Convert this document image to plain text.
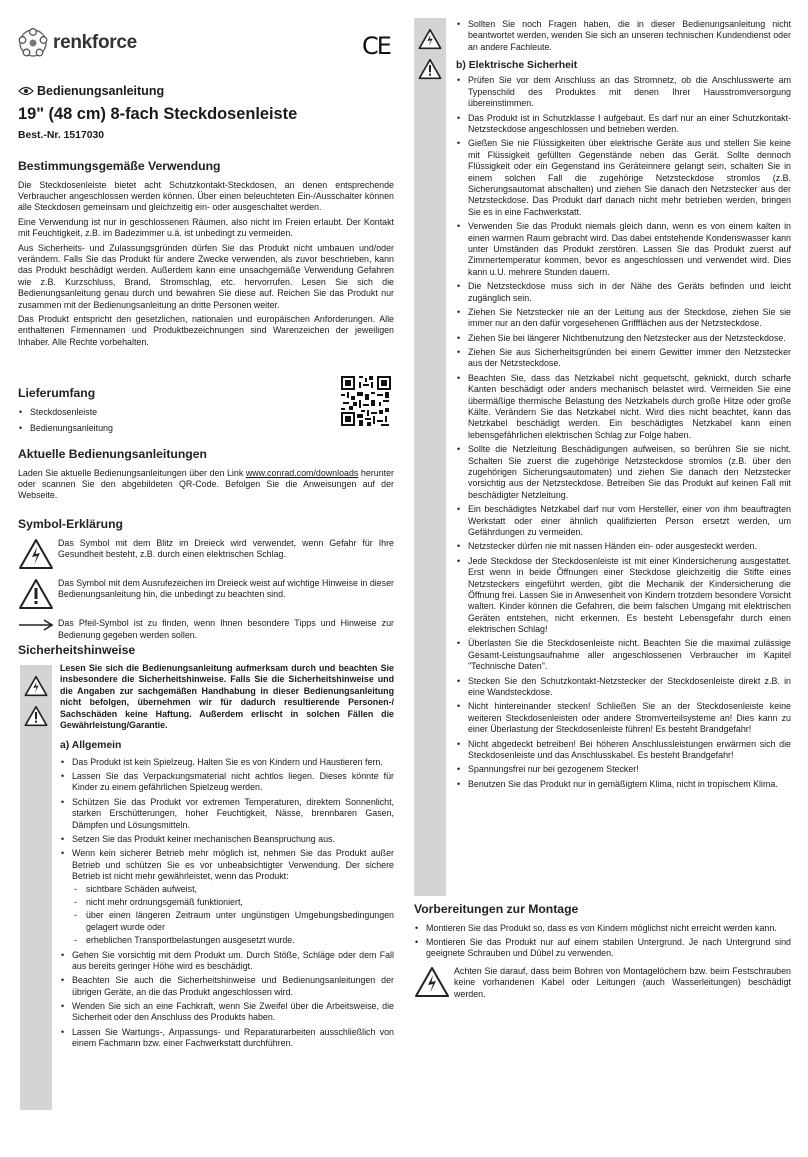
renkforce	CE
Bedienungsanleitung
19" (48 cm) 8-fach Steckdosenleiste
Best.-Nr. 1517030
Bestimmungsgemäße Verwendung

Die Steckdosenleiste bietet acht Schutzkontakt-Steckdosen, an denen entsprechende Verbraucher angeschlossen werden können. Über einen beleuchteten Ein-/Ausschalter können alle Steckdosen gemeinsam und gleichzeitig ein- oder ausgeschaltet werden.

Eine Verwendung ist nur in geschlossenen Räumen, also nicht im Freien erlaubt. Der Kontakt mit Feuchtigkeit, z.B. im Badezimmer u.ä. ist unbedingt zu vermeiden.

Aus Sicherheits- und Zulassungsgründen dürfen Sie das Produkt nicht umbauen und/oder verändern. Falls Sie das Produkt für andere Zwecke verwenden, als zuvor beschrieben, kann das Produkt beschädigt werden. Außerdem kann eine unsachgemäße Verwendung Gefahren wie z.B. Kurzschluss, Brand, Stromschlag, etc. hervorrufen. Lesen Sie sich die Bedienungsanleitung genau durch und bewahren Sie diese auf. Reichen Sie das Produkt nur zusammen mit der Bedienungsanleitung an dritte Personen weiter.

Das Produkt entspricht den gesetzlichen, nationalen und europäischen Anforderungen. Alle enthaltenen Firmennamen und Produktbezeichnungen sind Warenzeichen der jeweiligen Inhaber. Alle Rechte vorbehalten.

Lieferumfang
• Steckdosenleiste
• Bedienungsanleitung
Aktuelle Bedienungsanleitungen

Laden Sie aktuelle Bedienungsanleitungen über den Link www.conrad.com/downloads herunter oder scannen Sie den abgebildeten QR-Code. Befolgen Sie die Anweisungen auf der Webseite.

Symbol-Erklärung

Das Symbol mit dem Blitz im Dreieck wird verwendet, wenn Gefahr für Ihre Gesundheit besteht, z.B. durch einen elektrischen Schlag.

Das Symbol mit dem Ausrufezeichen im Dreieck weist auf wichtige Hinweise in dieser Bedienungsanleitung hin, die unbedingt zu beachten sind.

Das Pfeil-Symbol ist zu finden, wenn Ihnen besondere Tipps und Hinweise zur Bedienung gegeben werden sollen.

Sicherheitshinweise

Lesen Sie sich die Bedienungsanleitung aufmerksam durch und beachten Sie insbesondere die Sicherheitshinweise. Falls Sie die Sicherheitshinweise und die Angaben zur sachgemäßen Handhabung in dieser Bedienungsanleitung nicht befolgen, übernehmen wir für dadurch resultierende Personen-/ Sachschäden keine Haftung. Außerdem erlischt in solchen Fällen die Gewährleistung/Garantie.

a) Allgemein
• Das Produkt ist kein Spielzeug. Halten Sie es von Kindern und Haustieren fern.
• Lassen Sie das Verpackungsmaterial nicht achtlos liegen. Dieses könnte für Kinder zu einem gefährlichen Spielzeug werden.
• Schützen Sie das Produkt vor extremen Temperaturen, direktem Sonnenlicht, starken Erschütterungen, hoher Feuchtigkeit, Nässe, brennbaren Gasen, Dämpfen und Lösungsmitteln.
• Setzen Sie das Produkt keiner mechanischen Beanspruchung aus.
• Wenn kein sicherer Betrieb mehr möglich ist, nehmen Sie das Produkt außer Betrieb und schützen Sie es vor unbeabsichtigter Verwendung. Der sichere Betrieb ist nicht mehr gewährleistet, wenn das Produkt:
- sichtbare Schäden aufweist,
- nicht mehr ordnungsgemäß funktioniert,
- über einen längeren Zeitraum unter ungünstigen Umgebungsbedingungen gelagert wurde oder
- erheblichen Transportbelastungen ausgesetzt wurde.
• Gehen Sie vorsichtig mit dem Produkt um. Durch Stöße, Schläge oder dem Fall aus bereits geringer Höhe wird es beschädigt.
• Beachten Sie auch die Sicherheitshinweise und Bedienungsanleitungen der übrigen Geräte, an die das Produkt angeschlossen wird.
• Wenden Sie sich an eine Fachkraft, wenn Sie Zweifel über die Arbeitsweise, die Sicherheit oder den Anschluss des Produkts haben.
• Lassen Sie Wartungs-, Anpassungs- und Reparaturarbeiten ausschließlich von einem Fachmann bzw. einer Fachwerkstatt durchführen.
• Sollten Sie noch Fragen haben, die in dieser Bedienungsanleitung nicht beantwortet werden, wenden Sie sich an unseren technischen Kundendienst oder an andere Fachleute.
b) Elektrische Sicherheit
• Prüfen Sie vor dem Anschluss an das Stromnetz, ob die Anschlusswerte am Typenschild des Produktes mit denen Ihrer Hausstromversorgung übereinstimmen.
• Das Produkt ist in Schutzklasse I aufgebaut. Es darf nur an einer Schutzkontakt-Netzsteckdose angeschlossen und betrieben werden.
• Gießen Sie nie Flüssigkeiten über elektrische Geräte aus und stellen Sie keine mit Flüssigkeit gefüllten Gegenstände neben das Gerät. Sollte dennoch Flüssigkeit oder ein Gegenstand ins Geräteinnere gelangt sein, schalten Sie in einem solchen Fall die zugehörige Netzsteckdose stromlos (z.B. Sicherungsautomat abschalten) und ziehen Sie danach den Netzstecker aus der Netzsteckdose. Das Produkt darf danach nicht mehr betrieben werden, bringen Sie es in eine Fachwerkstatt.
• Verwenden Sie das Produkt niemals gleich dann, wenn es von einem kalten in einen warmen Raum gebracht wird. Das dabei entstehende Kondenswasser kann unter Umständen das Produkt zerstören. Lassen Sie das Produkt zuerst auf Zimmertemperatur kommen, bevor es angeschlossen und verwendet wird. Dies kann u.U. mehrere Stunden dauern.
• Die Netzsteckdose muss sich in der Nähe des Geräts befinden und leicht zugänglich sein.
• Ziehen Sie Netzstecker nie an der Leitung aus der Steckdose, ziehen Sie sie immer nur an den dafür vorgesehenen Griffflächen aus der Netzsteckdose.
• Ziehen Sie bei längerer Nichtbenutzung den Netzstecker aus der Netzsteckdose.
• Ziehen Sie aus Sicherheitsgründen bei einem Gewitter immer den Netzstecker aus der Netzsteckdose.
• Beachten Sie, dass das Netzkabel nicht gequetscht, geknickt, durch scharfe Kanten beschädigt oder anders mechanisch belastet wird. Vermeiden Sie eine übermäßige thermische Belastung des Netzkabels durch große Hitze oder große Kälte. Verändern Sie das Netzkabel nicht. Wird dies nicht beachtet, kann das Netzkabel beschädigt werden. Ein beschädigtes Netzkabel kann einen lebensgefährlichen elektrischen Schlag zur Folge haben.
• Sollte die Netzleitung Beschädigungen aufweisen, so berühren Sie sie nicht. Schalten Sie zuerst die zugehörige Netzsteckdose stromlos (z.B. über den zugehörigen Sicherungsautomaten) und ziehen Sie danach den Netzstecker vorsichtig aus der Netzsteckdose. Betreiben Sie das Produkt auf keinen Fall mit beschädigter Netzleitung.
• Ein beschädigtes Netzkabel darf nur vom Hersteller, einer von ihm beauftragten Werkstatt oder einer ähnlich qualifizierten Person ersetzt werden, um Gefährdungen zu vermeiden.
• Netzstecker dürfen nie mit nassen Händen ein- oder ausgesteckt werden.
• Jede Steckdose der Steckdosenleiste ist mit einer Kindersicherung ausgestattet. Erst wenn in beide Öffnungen einer Steckdose gleichzeitig die Stifte eines Netzsteckers eingeführt werden, gibt die Mechanik der Kindersicherung die Öffnung frei. Lassen Sie in Anwesenheit von Kindern trotzdem besondere Vorsicht walten. Kinder können die Gefahren, die beim falschen Umgang mit elektrischen Geräten entstehen, nicht erkennen. Es besteht Lebensgefahr durch einen elektrischen Schlag!
• Überlasten Sie die Steckdosenleiste nicht. Beachten Sie die maximal zulässige Gesamt-Leistungsaufnahme aller angeschlossenen Verbraucher im Kapitel "Technische Daten".
• Stecken Sie den Schutzkontakt-Netzstecker der Steckdosenleiste direkt z.B. in eine Wandsteckdose.
• Nicht hintereinander stecken! Schließen Sie an der Steckdosenleiste keine weiteren Steckdosenleisten oder andere Stromverteilsysteme an! Dies kann zu einer Überlastung der Steckdosenleiste führen! Es besteht Brandgefahr!
• Nicht abgedeckt betreiben! Bei höheren Anschlussleistungen erwärmen sich die Steckdosenleiste und das Anschlusskabel. Es besteht Brandgefahr!
• Spannungsfrei nur bei gezogenem Stecker!
• Benutzen Sie das Produkt nur in gemäßigtem Klima, nicht in tropischem Klima.
Vorbereitungen zur Montage
• Montieren Sie das Produkt so, dass es von Kindern möglichst nicht erreicht werden kann.
• Montieren Sie das Produkt nur auf einem stabilen Untergrund. Je nach Untergrund sind geeignete Schrauben und Dübel zu verwenden.

Achten Sie darauf, dass beim Bohren von Montagelöchern bzw. beim Festschrauben keine vorhandenen Kabel oder Leitungen (auch Wasserleitungen) beschädigt werden.
